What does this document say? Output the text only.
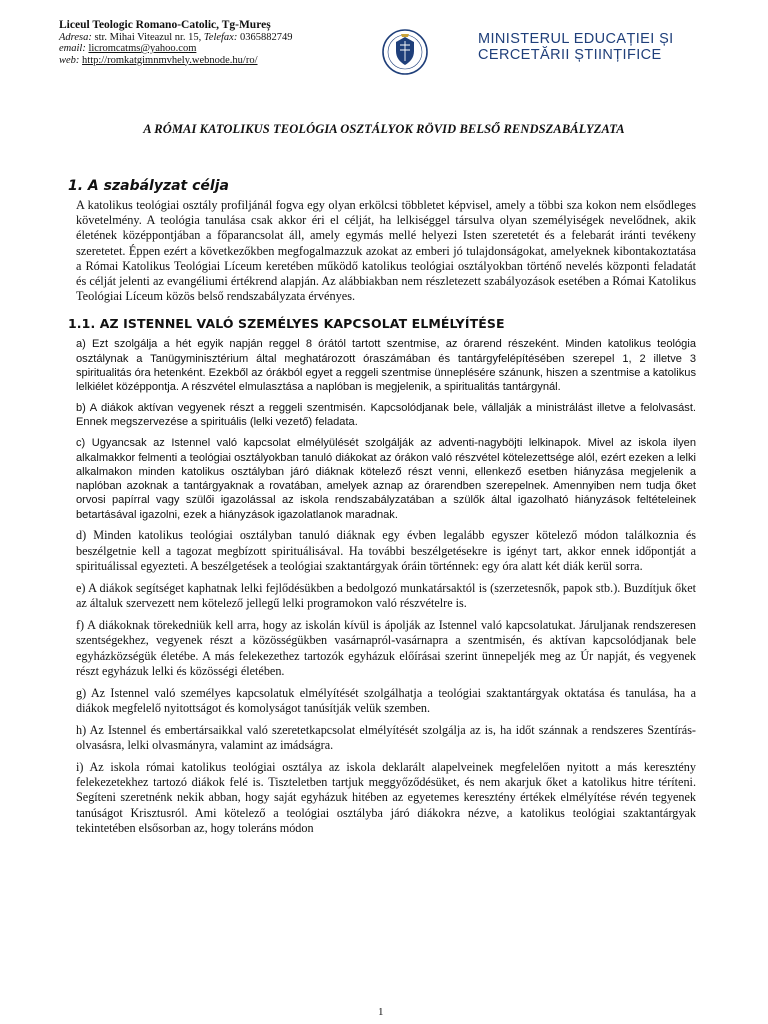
Liceul Teologic Romano-Catolic, Tg-Mureș
Adresa: str. Mihai Viteazul nr. 15, Telefax: 0365882749
email: licromcatms@yahoo.com
web: http://romkatgimnmvhely.webnode.hu/ro/
MINISTERUL EDUCAȚIEI ȘI
CERCETĂRII ȘTIINȚIFICE
A RÓMAI KATOLIKUS TEOLÓGIA OSZTÁLYOK RÖVID BELSŐ RENDSZABÁLYZATA
1. A szabályzat célja

A katolikus teológiai osztály profiljánál fogva egy olyan erkölcsi többletet képvisel, amely a többi sza kokon nem elsődleges követelmény. A teológia tanulása csak akkor éri el célját, ha lelkiséggel társulva olyan személyiségek nevelődnek, akik életének középpontjában a főparancsolat áll, amely egymás mellé helyezi Isten szeretetét és a felebarát iránti tevékeny szeretetet. Éppen ezért a következőkben megfogalmazzuk azokat az emberi jó tulajdonságokat, amelyeknek kibontakoztatása a Római Katolikus Teológiai Líceum keretében működő katolikus teológiai osztályokban történő nevelés központi feladatát és célját jelenti az evangéliumi értékrend alapján. Az alábbiakban nem részletezett szabályozások esetében a Római Katolikus Teológiai Líceum közös belső rendszabályzata érvényes.

1.1. AZ ISTENNEL VALÓ SZEMÉLYES KAPCSOLAT ELMÉLYÍTÉSE

a) Ezt szolgálja a hét egyik napján reggel 8 órától tartott szentmise, az órarend részeként. Minden katolikus teológia osztálynak a Tanügyminisztérium által meghatározott óraszámában és tantárgyfelépítésében szerepel 1, 2 illetve 3 spiritualitás óra hetenként. Ezekből az órákból egyet a reggeli szentmise ünneplésére szánunk, hiszen a szentmise a katolikus lelkiélet középpontja. A részvétel elmulasztása a naplóban is megjelenik, a spiritualitás tantárgynál.

b) A diákok aktívan vegyenek részt a reggeli szentmisén. Kapcsolódjanak bele, vállalják a ministrálást illetve a felolvasást. Ennek megszervezése a spirituális (lelki vezető) feladata.

c) Ugyancsak az Istennel való kapcsolat elmélyülését szolgálják az adventi-nagyböjti lelkinapok. Mivel az iskola ilyen alkalmakkor felmenti a teológiai osztályokban tanuló diákokat az órákon való részvétel kötelezettsége alól, ezért ezeken a lelki alkalmakon minden katolikus osztályban járó diáknak kötelező részt venni, ellenkező esetben hiányzása megjelenik a naplóban azoknak a tantárgyaknak a rovatában, amelyek aznap az órarendben szerepelnek. Amennyiben nem tudja őket orvosi papírral vagy szülői igazolással az iskola rendszabályzatában a szülők által igazolható hiányzások feltételeinek betartásával igazolni, ezek a hiányzások igazolatlanok maradnak.

d) Minden katolikus teológiai osztályban tanuló diáknak egy évben legalább egyszer kötelező módon találkoznia és beszélgetnie kell a tagozat megbízott spirituálisával. Ha további beszélgetésekre is igényt tart, akkor ennek időpontját a spirituálissal egyezteti. A beszélgetések a teológiai szaktantárgyak óráin történnek: egy óra alatt két diák kerül sorra.

e) A diákok segítséget kaphatnak lelki fejlődésükben a bedolgozó munkatársaktól is (szerzetesnők, papok stb.). Buzdítjuk őket az általuk szervezett nem kötelező jellegű lelki programokon való részvételre is.

f) A diákoknak törekedniük kell arra, hogy az iskolán kívül is ápolják az Istennel való kapcsolatukat. Járuljanak rendszeresen szentségekhez, vegyenek részt a közösségükben vasárnapról-vasárnapra a szentmisén, és aktívan kapcsolódjanak bele egyházközségük életébe. A más felekezethez tartozók egyházuk előírásai szerint ünnepeljék meg az Úr napját, és vegyenek részt egyházuk lelki és közösségi életében.

g) Az Istennel való személyes kapcsolatuk elmélyítését szolgálhatja a teológiai szaktantárgyak oktatása és tanulása, ha a diákok megfelelő nyitottságot és komolyságot tanúsítják velük szemben.

h) Az Istennel és embertársaikkal való szeretetkapcsolat elmélyítését szolgálja az is, ha időt szánnak a rendszeres Szentírás-olvasásra, lelki olvasmányra, valamint az imádságra.

i) Az iskola római katolikus teológiai osztálya az iskola deklarált alapelveinek megfelelően nyitott a más keresztény felekezetekhez tartozó diákok felé is. Tiszteletben tartjuk meggyőződésüket, és nem akarjuk őket a katolikus hitre téríteni. Segíteni szeretnénk nekik abban, hogy saját egyházuk hitében az egyetemes keresztény értékek elmélyítése révén tegyenek tanúságot Krisztusról. Ami kötelező a teológiai osztályba járó diákokra nézve, a katolikus teológiai szaktantárgyak tekintetében elsősorban az, hogy toleráns módon

1
